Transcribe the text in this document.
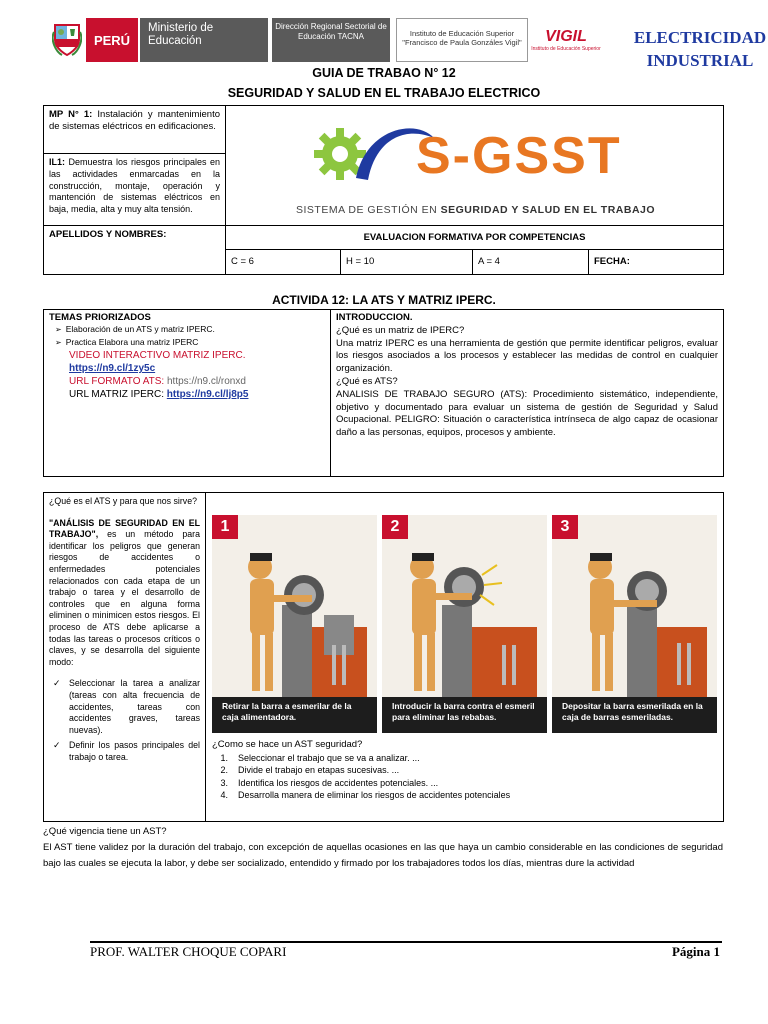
PERÚ
Ministerio de Educación
Dirección Regional Sectorial de Educación TACNA	Instituto de Educación Superior "Francisco de Paula Gonzáles Vigil"	VIGIL
Instituto de Educación Superior
ELECTRICIDAD
INDUSTRIAL
GUIA DE TRABAO N° 12
SEGURIDAD Y SALUD EN EL TRABAJO ELECTRICO
MP N° 1: Instalación y mantenimiento de sistemas eléctricos en edificaciones.
IL1: Demuestra los riesgos principales en las actividades enmarcadas en la construcción, montaje, operación y mantención de sistemas eléctricos en baja, media, alta y muy alta tensión.
S-GSST
SISTEMA DE GESTIÓN EN SEGURIDAD Y SALUD EN EL TRABAJO
APELLIDOS Y NOMBRES:	EVALUACION FORMATIVA POR COMPETENCIAS
C = 6	H = 10	A = 4	FECHA:
ACTIVIDA 12: LA ATS Y MATRIZ IPERC.
TEMAS PRIORIZADOS
➢ Elaboración de un ATS y matriz IPERC.
➢ Practica Elabora una matriz IPERC
VIDEO INTERACTIVO MATRIZ IPERC.
https://n9.cl/1zy5c
URL FORMATO ATS: https://n9.cl/ronxd
URL MATRIZ IPERC: https://n9.cl/lj8p5
INTRODUCCION.
¿Qué es un matriz de IPERC?
Una matriz IPERC es una herramienta de gestión que permite identificar peligros, evaluar los riesgos asociados a los procesos y establecer las medidas de control en cualquier organización.
¿Qué es ATS?
ANALISIS DE TRABAJO SEGURO (ATS): Procedimiento sistemático, independiente, objetivo y documentado para evaluar un sistema de gestión de Seguridad y Salud Ocupacional. PELIGRO: Situación o característica intrínseca de algo capaz de ocasionar daño a las personas, equipos, procesos y ambiente.
¿Qué es el ATS y para que nos sirve?
"ANÁLISIS DE SEGURIDAD EN EL TRABAJO", es un método para identificar los peligros que generan riesgos de accidentes o enfermedades potenciales relacionados con cada etapa de un trabajo o tarea y el desarrollo de controles que en alguna forma eliminen o minimicen estos riesgos. El proceso de ATS debe aplicarse a todas las tareas o procesos críticos o claves, y se desarrolla del siguiente modo:
✓ Seleccionar la tarea a analizar (tareas con alta frecuencia de accidentes, tareas con accidentes graves, tareas nuevas).
✓ Definir los pasos principales del trabajo o tarea.
1
Retirar la barra a esmerilar de la caja alimentadora.
2
Introducir la barra contra el esmeril para eliminar las rebabas.
3
Depositar la barra esmerilada en la caja de barras esmeriladas.
¿Como se hace un AST seguridad?
1.	Seleccionar el trabajo que se va a analizar. ...
2.	Divide el trabajo en etapas sucesivas. ...
3.	Identifica los riesgos de accidentes potenciales. ...
4.	Desarrolla manera de eliminar los riesgos de accidentes potenciales
¿Qué vigencia tiene un AST?

El AST tiene validez por la duración del trabajo, con excepción de aquellas ocasiones en las que haya un cambio considerable en las condiciones de seguridad bajo las cuales se ejecuta la labor, y debe ser socializado, entendido y firmado por los trabajadores todos los días, mientras dure la actividad

PROF. WALTER CHOQUE COPARI	Página 1
